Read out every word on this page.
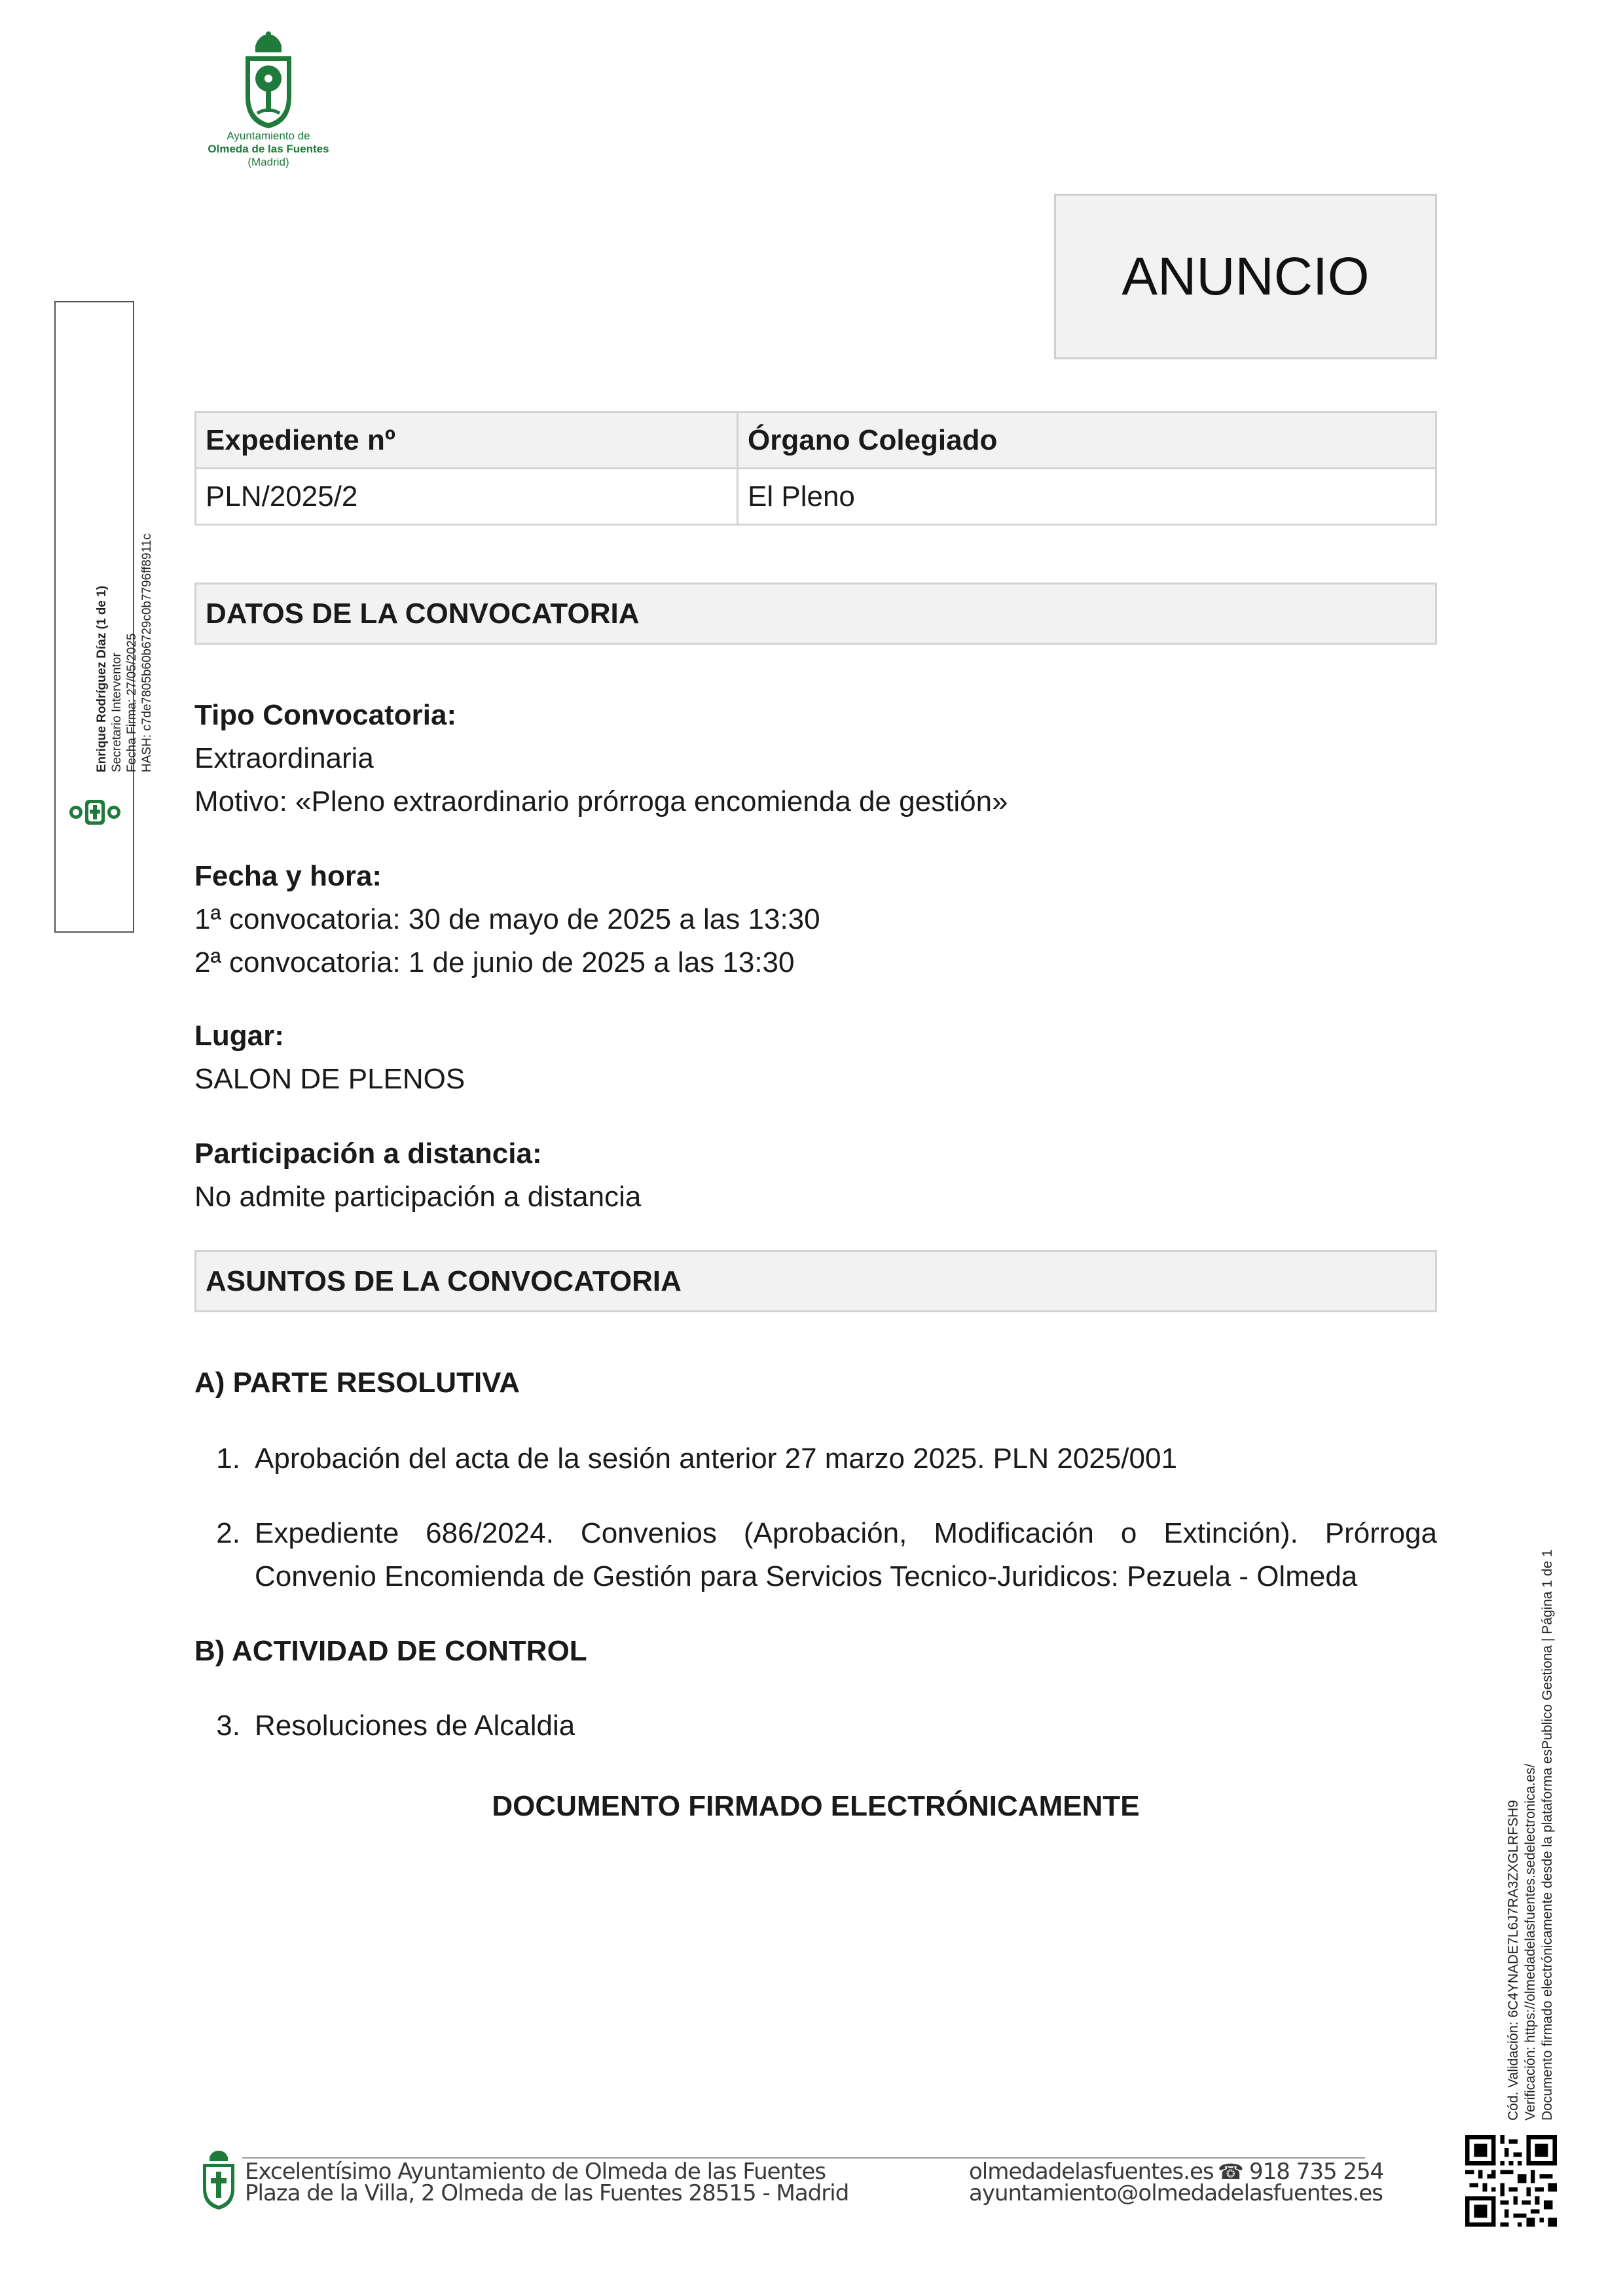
Ayuntamiento de
Olmeda de las Fuentes
(Madrid)
ANUNCIO
Expediente nº	Órgano Colegiado
PLN/2025/2	El Pleno
DATOS DE LA CONVOCATORIA
Tipo Convocatoria:
Extraordinaria
Motivo: «Pleno extraordinario prórroga encomienda de gestión»
Fecha y hora:
1ª convocatoria: 30 de mayo de 2025 a las 13:30
2ª convocatoria: 1 de junio de 2025 a las 13:30
Lugar:
SALON DE PLENOS
Participación a distancia:
No admite participación a distancia
ASUNTOS DE LA CONVOCATORIA
A) PARTE RESOLUTIVA
1. Aprobación del acta de la sesión anterior 27 marzo 2025. PLN 2025/001
2. Expediente 686/2024. Convenios (Aprobación, Modificación o Extinción). Prórroga
Convenio Encomienda de Gestión para Servicios Tecnico-Juridicos: Pezuela - Olmeda
B) ACTIVIDAD DE CONTROL
3. Resoluciones de Alcaldia
DOCUMENTO FIRMADO ELECTRÓNICAMENTE
Enrique Rodríguez Díaz (1 de 1) Secretario Interventor Fecha Firma: 27/05/2025 HASH: c7de7805b60b6729c0b7796ff8911c
Cód. Validación: 6C4YNADE7L6J7RA3ZXGLRFSH9 Verificación: https://olmedadelasfuentes.sedelectronica.es/ Documento firmado electrónicamente desde la plataforma esPublico Gestiona | Página 1 de 1
Excelentísimo Ayuntamiento de Olmeda de las Fuentes
Plaza de la Villa, 2 Olmeda de las Fuentes 28515 - Madrid
olmedadelasfuentes.es ☎ 918 735 254
ayuntamiento@olmedadelasfuentes.es
